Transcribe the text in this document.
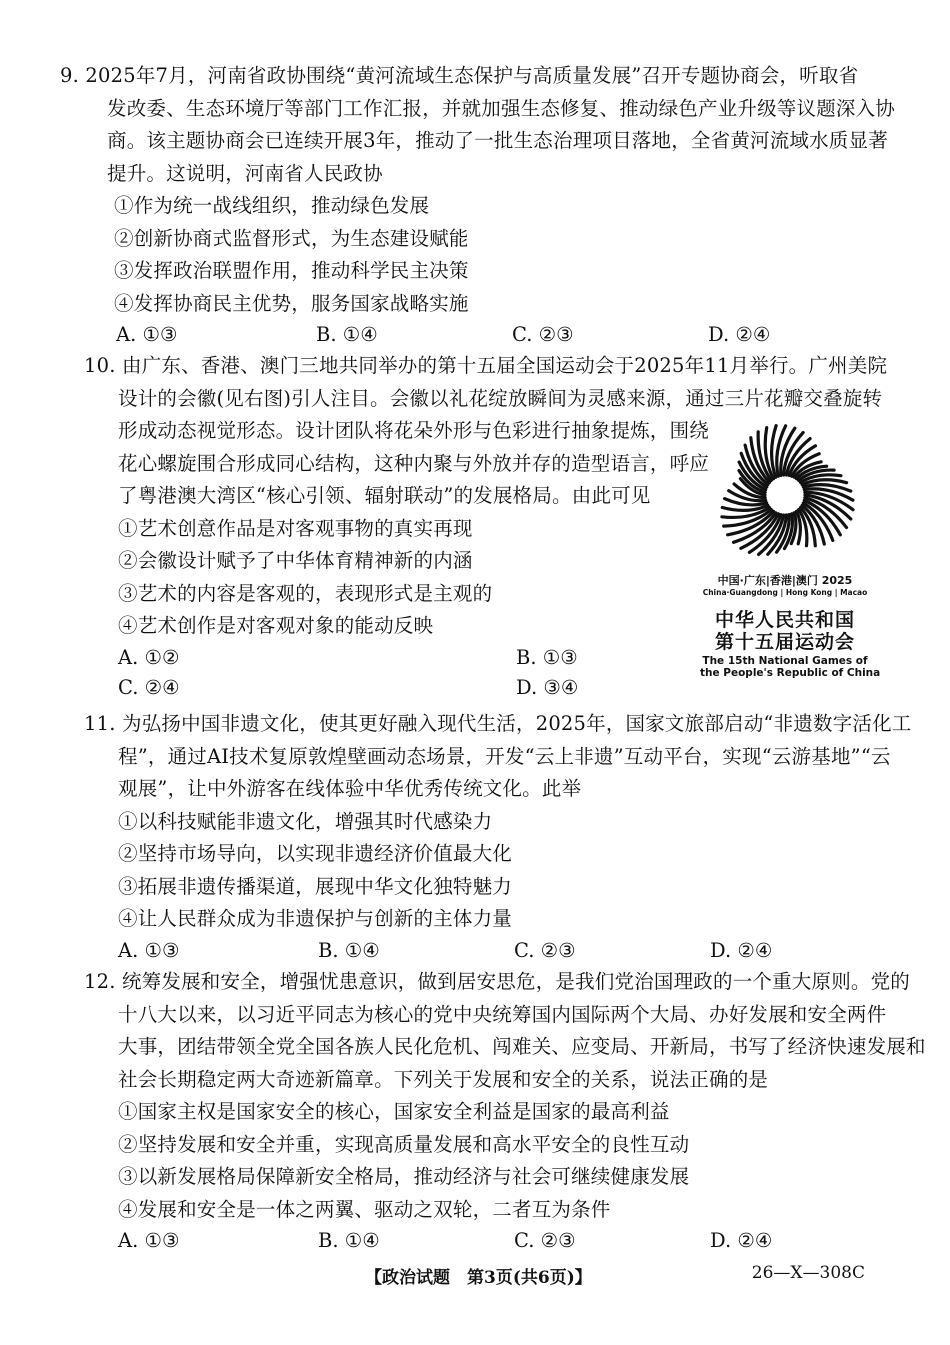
9. 2025年7月，河南省政协围绕“黄河流域生态保护与高质量发展”召开专题协商会，听取省
发改委、生态环境厅等部门工作汇报，并就加强生态修复、推动绿色产业升级等议题深入协
商。该主题协商会已连续开展3年，推动了一批生态治理项目落地，全省黄河流域水质显著
提升。这说明，河南省人民政协
①作为统一战线组织，推动绿色发展
②创新协商式监督形式，为生态建设赋能
③发挥政治联盟作用，推动科学民主决策
④发挥协商民主优势，服务国家战略实施
A. ①③	B. ①④	C. ②③	D. ②④
10. 由广东、香港、澳门三地共同举办的第十五届全国运动会于2025年11月举行。广州美院
设计的会徽(见右图)引人注目。会徽以礼花绽放瞬间为灵感来源，通过三片花瓣交叠旋转
形成动态视觉形态。设计团队将花朵外形与色彩进行抽象提炼，围绕
花心螺旋围合形成同心结构，这种内聚与外放并存的造型语言，呼应
了粤港澳大湾区“核心引领、辐射联动”的发展格局。由此可见
①艺术创意作品是对客观事物的真实再现
②会徽设计赋予了中华体育精神新的内涵
③艺术的内容是客观的，表现形式是主观的
④艺术创作是对客观对象的能动反映
A. ①②	B. ①③
C. ②④	D. ③④
中国·广东|香港|澳门 2025
China·Guangdong | Hong Kong | Macao
中华人民共和国
第十五届运动会
The 15th National Games of
the People's Republic of China
11. 为弘扬中国非遗文化，使其更好融入现代生活，2025年，国家文旅部启动“非遗数字活化工
程”，通过AI技术复原敦煌壁画动态场景，开发“云上非遗”互动平台，实现“云游基地”“云
观展”，让中外游客在线体验中华优秀传统文化。此举
①以科技赋能非遗文化，增强其时代感染力
②坚持市场导向，以实现非遗经济价值最大化
③拓展非遗传播渠道，展现中华文化独特魅力
④让人民群众成为非遗保护与创新的主体力量
A. ①③	B. ①④	C. ②③	D. ②④
12. 统筹发展和安全，增强忧患意识，做到居安思危，是我们党治国理政的一个重大原则。党的
十八大以来，以习近平同志为核心的党中央统筹国内国际两个大局、办好发展和安全两件
大事，团结带领全党全国各族人民化危机、闯难关、应变局、开新局，书写了经济快速发展和
社会长期稳定两大奇迹新篇章。下列关于发展和安全的关系，说法正确的是
①国家主权是国家安全的核心，国家安全利益是国家的最高利益
②坚持发展和安全并重，实现高质量发展和高水平安全的良性互动
③以新发展格局保障新安全格局，推动经济与社会可继续健康发展
④发展和安全是一体之两翼、驱动之双轮，二者互为条件
A. ①③	B. ①④	C. ②③	D. ②④
【政治试题　第3页(共6页)】	26—X—308C
